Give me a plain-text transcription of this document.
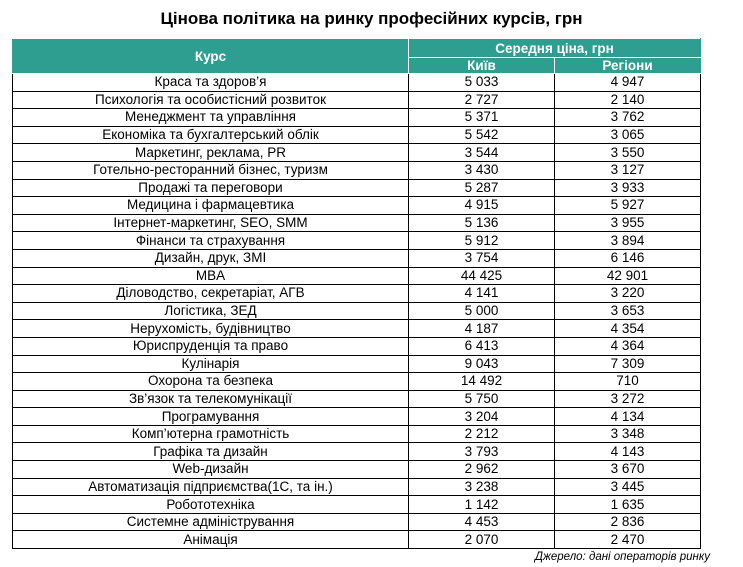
Цінова політика на ринку професійних курсів, грн
Курс	Середня ціна, грн	
	Київ	Регіони
Краса та здоров’я	5 033	4 947
Психологія та особистісний розвиток	2 727	2 140
Менеджмент та управління	5 371	3 762
Економіка та бухгалтерський облік	5 542	3 065
Маркетинг, реклама, PR	3 544	3 550
Готельно-ресторанний бізнес, туризм	3 430	3 127
Продажі та переговори	5 287	3 933
Медицина і фармацевтика	4 915	5 927
Інтернет-маркетинг, SEO, SMM	5 136	3 955
Фінанси та страхування	5 912	3 894
Дизайн, друк, ЗМІ	3 754	6 146
MBA	44 425	42 901
Діловодство, секретаріат, АГВ	4 141	3 220
Логістика, ЗЕД	5 000	3 653
Нерухомість, будівництво	4 187	4 354
Юриспруденція та право	6 413	4 364
Кулінарія	9 043	7 309
Охорона та безпека	14 492	710
Зв’язок та телекомунікації	5 750	3 272
Програмування	3 204	4 134
Комп’ютерна грамотність	2 212	3 348
Графіка та дизайн	3 793	4 143
Web-дизайн	2 962	3 670
Автоматизація підприємства(1С, та ін.)	3 238	3 445
Робототехніка	1 142	1 635
Системне адміністрування	4 453	2 836
Анімація	2 070	2 470
Джерело: дані операторів ринку
